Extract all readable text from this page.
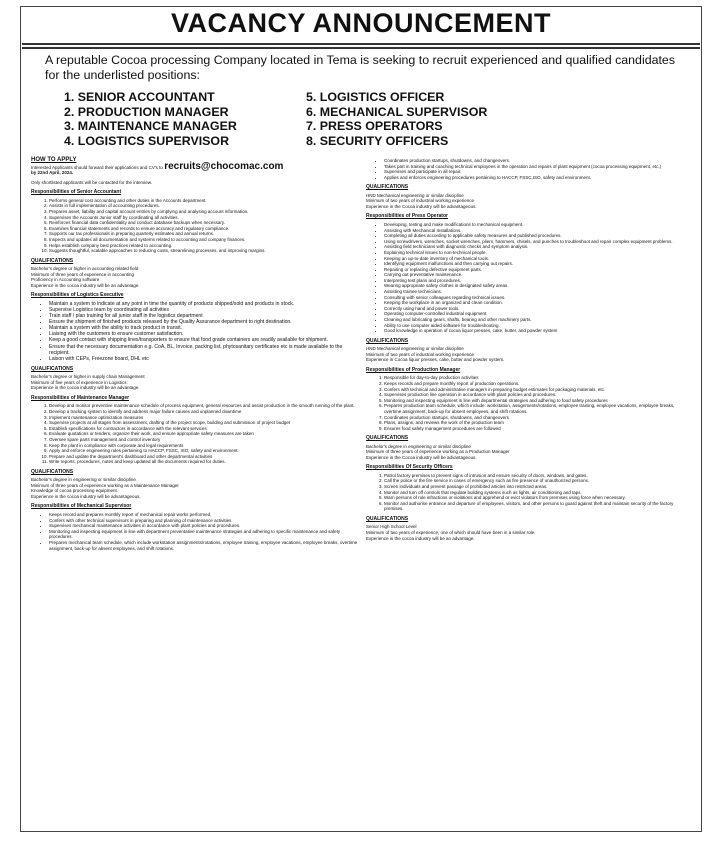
VACANCY ANNOUNCEMENT
A reputable Cocoa processing Company located in Tema is seeking to recruit experienced and qualified candidates for the underlisted positions:
1. SENIOR ACCOUNTANT
2. PRODUCTION MANAGER
3. MAINTENANCE MANAGER
4. LOGISTICS SUPERVISOR
5. LOGISTICS OFFICER
6. MECHANICAL SUPERVISOR
7. PRESS OPERATORS
8. SECURITY OFFICERS
HOW TO APPLY

Interested Applicants should forward their applications and CV's to recruits@chocomac.com

by 22nd April, 2024.

Only shortlisted applicants will be contacted for the interview.

Responsibilities of Senior Accountant
1. Performs general cost accounting and other duties in the Accounts department.
2. Assists in full implementation of accounting procedures.
3. Prepares asset, liability and capital account entries by complying and analysing account information.
4. Supervises the Accounts Junior staff by coordinating all activities.
5. Reinforces financial data confidentiality and conduct database backups when necessary.
6. Examines financial statements and records to ensure accuracy and regulatory compliance.
7. Supports our tax professionals in preparing quarterly estimates and annual returns.
8. Inspects and updates all documentation and systems related to accounting and company finances.
9. Helps establish company best practices related to accounting.
10. Suggests thoughtful, scalable approaches to reducing costs, streamlining processes, and improving margins.
QUALIFICATIONS

Bachelor's degree or higher in accounting related field

Minimum of three years of experience in accounting

Proficiency in Accounting software

Experience in the cocoa industry will be an advantage.

Responsibilities of Logistics Executive
• Maintain a system to indicate at any point in time the quantity of products shipped/sold and products in stock.
• Supervise Logistics team by coordinating all activities
• Train staff / plan training for all junior staff in the logistics department
• Ensure the shipment of finished products released by the Quality Assurance department to right destination.
• Maintain a system with the ability to track product in transit.
• Liaising with the customers to ensure customer satisfaction.
• Keep a good contact with shipping lines/transporters to ensure that food grade containers are readily available for shipment.
• Ensure that the necessary documentation e.g. CoA, BL, Invoice, packing list, phytosanitary certificates etc is made available to the recipient.
• Laison with CEPs, Freezone board, DHL etc
QUALIFICATIONS

Bachelor's degree or higher in supply chain Management

Minimum of five years of experience in Logistics

Experience in the cocoa industry will be an advantage.

Responsibilities of Maintenance Manager
1. Develop and monitor preventive maintenance schedule of process equipment, general resources and assist production in the smooth running of the plant.
2. Develop a tracking system to identify and address major failure causes and unplanned downtime
3. Implement maintenance optimization measures
4. Supervise projects at all stages from assessment, drafting of the project scope, building and submission of project budget
5. Establish specifications for contractors in accordance with the relevant services
6. Evaluate quotations or tenders, organize their work, and ensure appropriate safety measures are taken
7. Oversee spare parts management and control inventory
8. Keep the plant in compliance with corporate and legal requirements
9. Apply and enforce engineering rules pertaining to HACCP, FSSC, ISO, safety and environment.
10. Prepare and update the department's dashboard and other departmental activities
11. Write reports, procedures, notes and keep updated all the documents required for duties.
QUALIFICATIONS

Bachelor's degree in engineering or similar discipline

Minimum of three years of experience working as a Maintenance Manager

Knowledge of cocoa processing equipment.

Experience in the cocoa industry will be advantageous.

Responsibilities of Mechanical Supervisor
• Keeps record and prepares monthly report of mechanical repair works performed.
• Confers with other technical supervisors in preparing and planning of maintenance activities
• Supervises mechanical maintenance activities in accordance with plant policies and procedures.
• Monitoring and inspecting equipment in line with department preventative maintenance strategies and adhering to specific maintenance and safety procedures.
• Prepares mechanical team schedule, which include workstation assignments/rotations, employee training, employee vacations, employee breaks, overtime assignment, back-up for absent employees, and shift rotations.
• Coordinates production startups, shutdowns, and changeovers.
• Takes part in training and coaching technical employees in the operation and repairs of plant equipment (cocoa processing equipment, etc.)
• Supervises and participate in all repair.
• Applies and enforces engineering procedures pertaining to HACCP, FSSC,ISO, safety and environment.
QUALIFICATIONS

HND Mechanical engineering or similar discipline

Minimum of two years of industrial working experience

Experience in the Cocoa industry will be advantageous.

Responsibilities of Press Operator
• Developing, testing and make modifications to mechanical equipment.
• Assisting with Mechanical Installations.
• Completing all duties according to applicable safety measures and published procedures.
• Using screwdrivers, wrenches, socket wrenches, pliers, hammers, chisels, and punches to troubleshoot and repair complex equipment problems.
• Assisting field technicians with diagnostic checks and symptom analysis.
• Explaining technical issues to non-technical people.
• Keeping an up-to-date inventory of mechanical tools.
• Identifying equipment malfunctions and then carrying out repairs.
• Repairing or replacing defective equipment parts.
• Carrying out preventative maintenance.
• Interpreting test plans and procedures.
• Wearing appropriate safety clothes in designated safety areas.
• Assisting trainee technicians.
• Consulting with senior colleagues regarding technical issues.
• Keeping the workplace in an organized and clean condition.
• Correctly using hand and power tools.
• Operating computer-controlled industrial equipment.
• Cleaning and lubricating gears, shafts, bearing and other machinery parts.
• Ability to use computer aided software for troubleshooting.
• Good knowledge in operation of cocoa liquor presses, cake, butter, and powder system
QUALIFICATIONS

HND Mechanical engineering or similar discipline

Minimum of two years of industrial working experience

Experience in Cocoa liquor presses, cake, butter and powder system.

Responsibilities of Production Manager
1. Responsible for day-to-day production activities
2. Keeps records and prepare monthly report of production operations.
3. Confers with technical and administrative managers in preparing budget estimates for packaging materials, etc.
4. Supervises production line operation in accordance with plant policies and procedures.
5. Monitoring and inspecting equipment in line with departmental strategies and adhering to food safety procedures
6. Prepares production team schedule, which include: workstation, assignments/rotations, employee training, employee vacations, employee breaks, overtime assignment, back-up for absent employees, and shift rotations.
7. Coordinates production startups, shutdowns, and changeovers
8. Plans, assigns, and reviews the work of the production team
9. Ensures food safety management procedures are followed
QUALIFICATIONS

Bachelor's degree in engineering or similar discipline

Minimum of three years of experience working as a Production Manager

Experience in the Cocoa industry will be advantageous.

Responsibilities Of Security Officers
1. Patrol factory premises to prevent signs of intrusion and ensure security of doors, windows, and gates.
2. Call the police or the fire service in cases of emergency such as fire presence of unauthorized persons.
3. Screen individuals and prevent passage of prohibited articles into restricted areas.
4. Monitor and turn off controls that regulate building systems such as lights, air conditioning and taps.
5. Warn persons of rule infractions or violations and apprehend or evict violators from premises using force when necessary.
6. Monitor and authorise entrance and departure of employees, visitors, and other persons to guard against theft and maintain security of the factory premises.
QUALIFICATIONS

Senior High School Level

Minimum of two years of experience, one of which should have been in a similar role.

Experience in the cocoa industry will be an advantage.
